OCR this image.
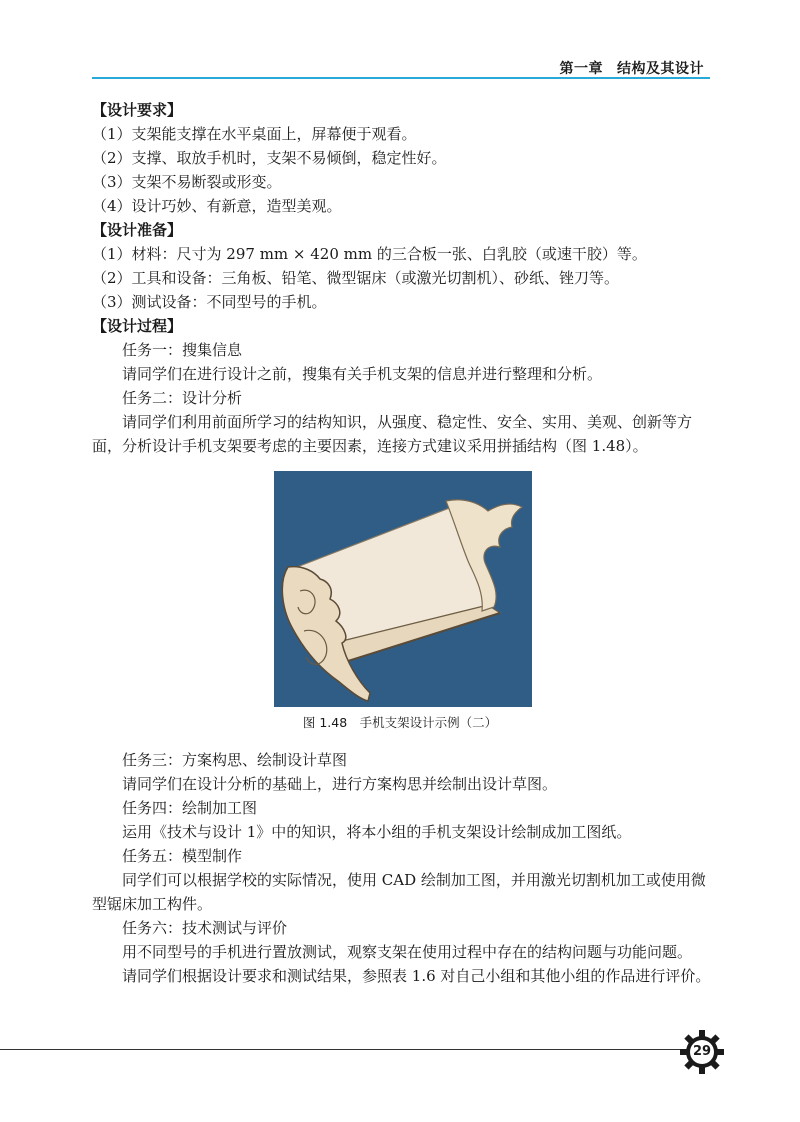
第一章 结构及其设计

【设计要求】

（1）支架能支撑在水平桌面上，屏幕便于观看。

（2）支撑、取放手机时，支架不易倾倒，稳定性好。

（3）支架不易断裂或形变。

（4）设计巧妙、有新意，造型美观。

【设计准备】

（1）材料：尺寸为 297 mm × 420 mm 的三合板一张、白乳胶（或速干胶）等。

（2）工具和设备：三角板、铅笔、微型锯床（或激光切割机）、砂纸、锉刀等。

（3）测试设备：不同型号的手机。

【设计过程】

任务一：搜集信息

请同学们在进行设计之前，搜集有关手机支架的信息并进行整理和分析。

任务二：设计分析

请同学们利用前面所学习的结构知识，从强度、稳定性、安全、实用、美观、创新等方面，分析设计手机支架要考虑的主要因素，连接方式建议采用拼插结构（图 1.48）。

图 1.48　手机支架设计示例（二）

任务三：方案构思、绘制设计草图

请同学们在设计分析的基础上，进行方案构思并绘制出设计草图。

任务四：绘制加工图

运用《技术与设计 1》中的知识，将本小组的手机支架设计绘制成加工图纸。

任务五：模型制作

同学们可以根据学校的实际情况，使用 CAD 绘制加工图，并用激光切割机加工或使用微型锯床加工构件。

任务六：技术测试与评价

用不同型号的手机进行置放测试，观察支架在使用过程中存在的结构问题与功能问题。

请同学们根据设计要求和测试结果，参照表 1.6 对自己小组和其他小组的作品进行评价。

29
